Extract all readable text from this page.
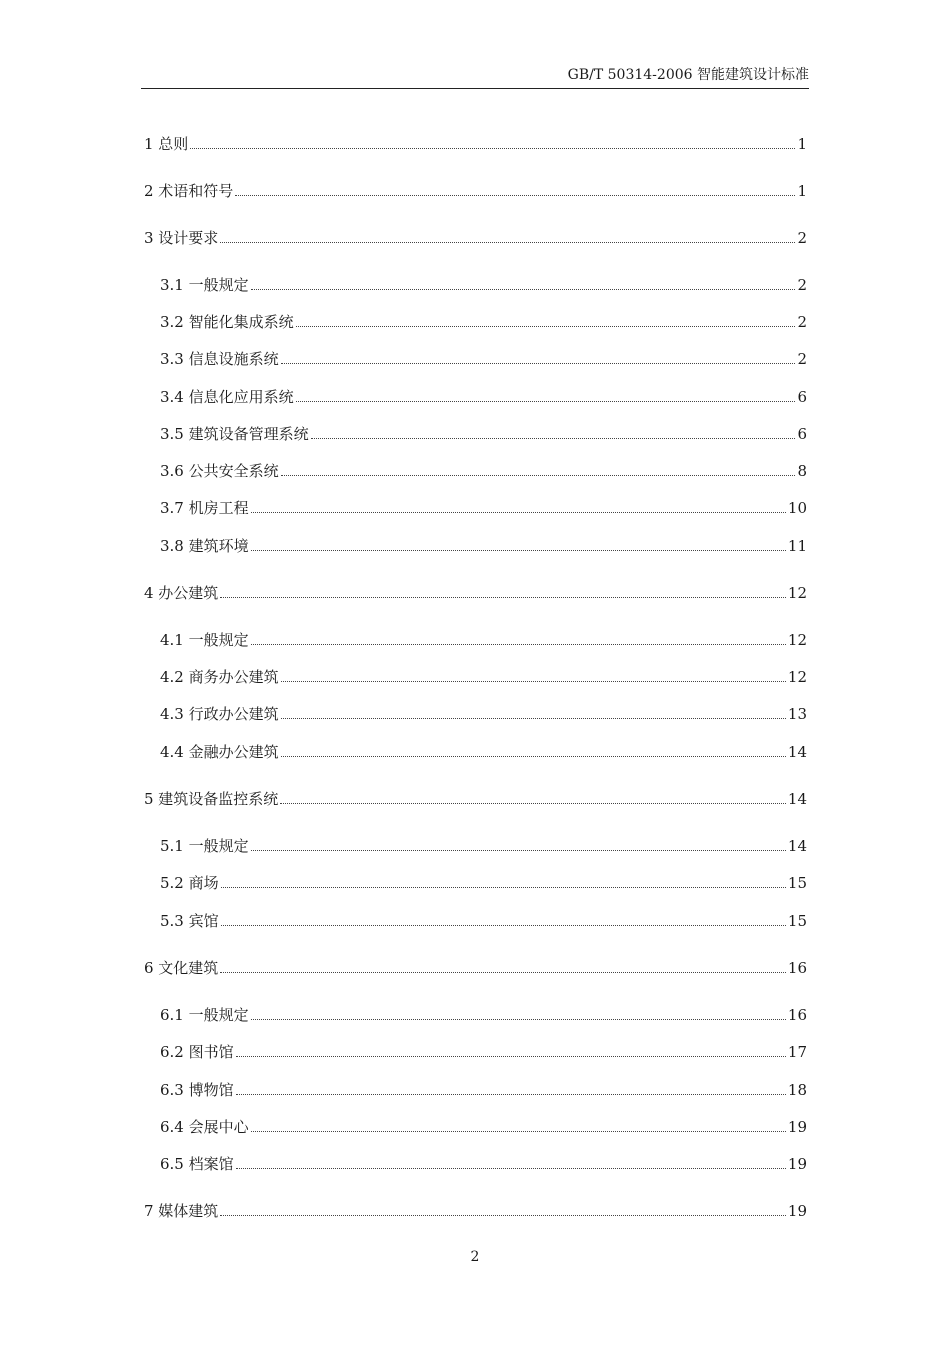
GB/T 50314-2006 智能建筑设计标准
1 总则	1
2 术语和符号	1
3 设计要求	2
3.1 一般规定	2
3.2 智能化集成系统	2
3.3 信息设施系统	2
3.4 信息化应用系统	6
3.5 建筑设备管理系统	6
3.6 公共安全系统	8
3.7 机房工程	10
3.8 建筑环境	11
4 办公建筑	12
4.1 一般规定	12
4.2 商务办公建筑	12
4.3 行政办公建筑	13
4.4 金融办公建筑	14
5 建筑设备监控系统	14
5.1 一般规定	14
5.2 商场	15
5.3 宾馆	15
6 文化建筑	16
6.1 一般规定	16
6.2 图书馆	17
6.3 博物馆	18
6.4 会展中心	19
6.5 档案馆	19
7 媒体建筑	19
2
